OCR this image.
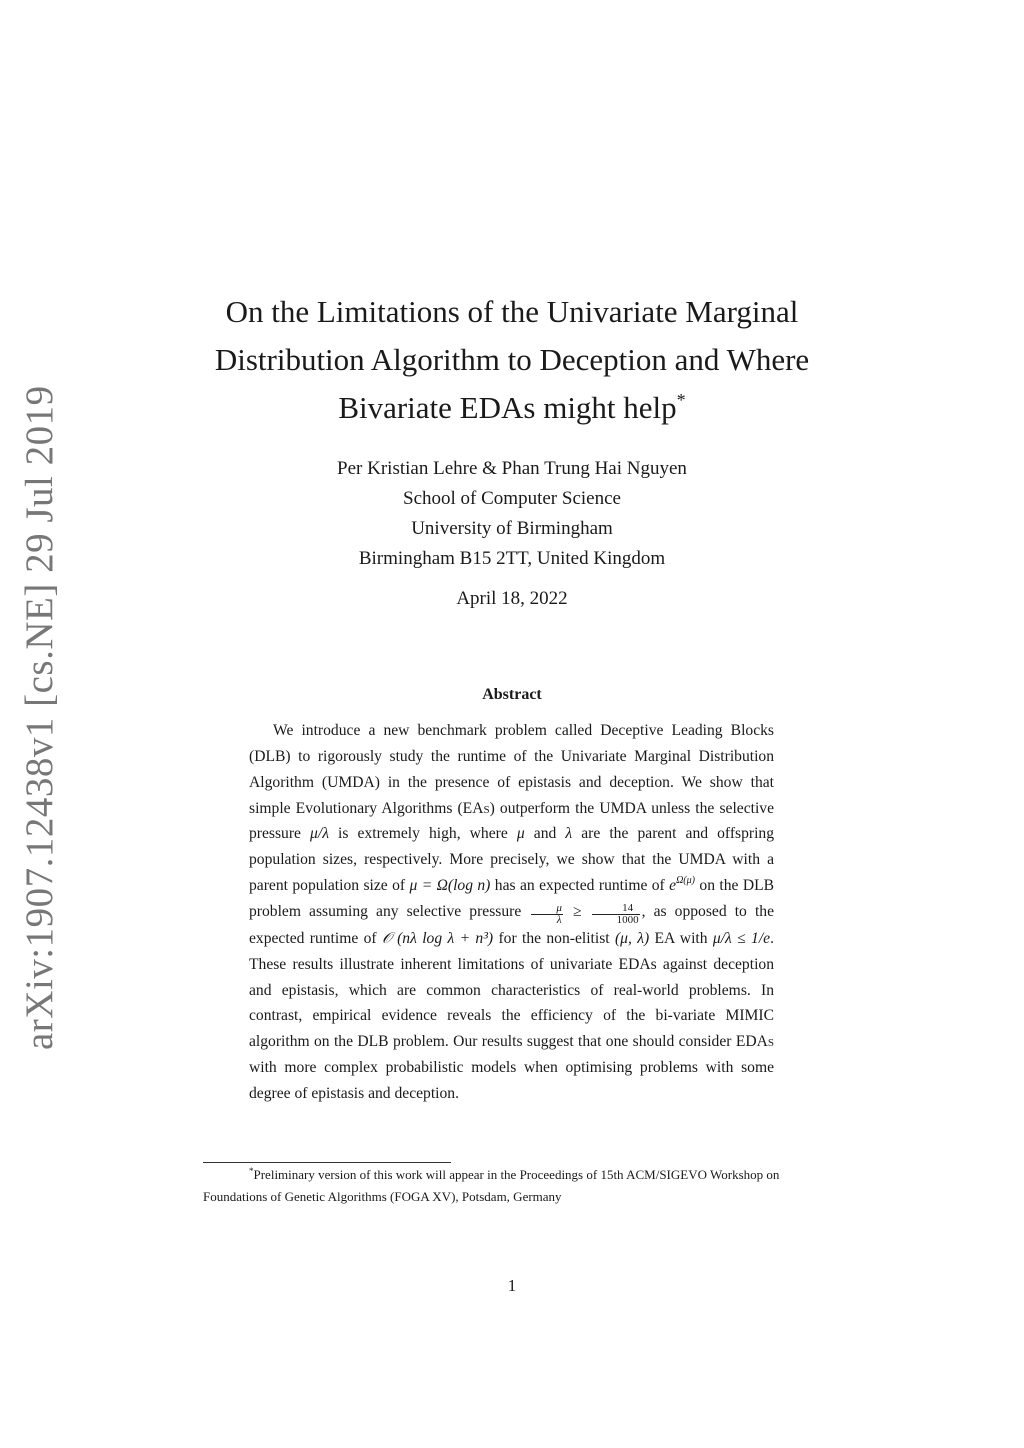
arXiv:1907.12438v1 [cs.NE] 29 Jul 2019
On the Limitations of the Univariate Marginal
Distribution Algorithm to Deception and Where
Bivariate EDAs might help*
Per Kristian Lehre & Phan Trung Hai Nguyen
School of Computer Science
University of Birmingham
Birmingham B15 2TT, United Kingdom
April 18, 2022
Abstract

We introduce a new benchmark problem called Deceptive Leading Blocks (DLB) to rigorously study the runtime of the Univariate Marginal Distribution Algorithm (UMDA) in the presence of epistasis and deception. We show that simple Evolutionary Algorithms (EAs) outperform the UMDA unless the selective pressure μ/λ is extremely high, where μ and λ are the parent and offspring population sizes, respectively. More precisely, we show that the UMDA with a parent population size of μ = Ω(log n) has an expected runtime of $e^{\Omega(\mu)}$ on the DLB problem assuming any selective pressure $\frac{\mu}{\lambda} \ge \frac{14}{1000}$ , as opposed to the expected runtime of 𝒪 (nλ log λ + n³) for the non-elitist (μ, λ) EA with μ/λ ≤ 1/e. These results illustrate inherent limitations of univariate EDAs against deception and epistasis, which are common characteristics of real-world problems. In contrast, empirical evidence reveals the efficiency of the bi-variate MIMIC algorithm on the DLB problem. Our results suggest that one should consider EDAs with more complex probabilistic models when optimising problems with some degree of epistasis and deception.

*Preliminary version of this work will appear in the Proceedings of 15th ACM/SIGEVO Workshop on Foundations of Genetic Algorithms (FOGA XV), Potsdam, Germany

1
